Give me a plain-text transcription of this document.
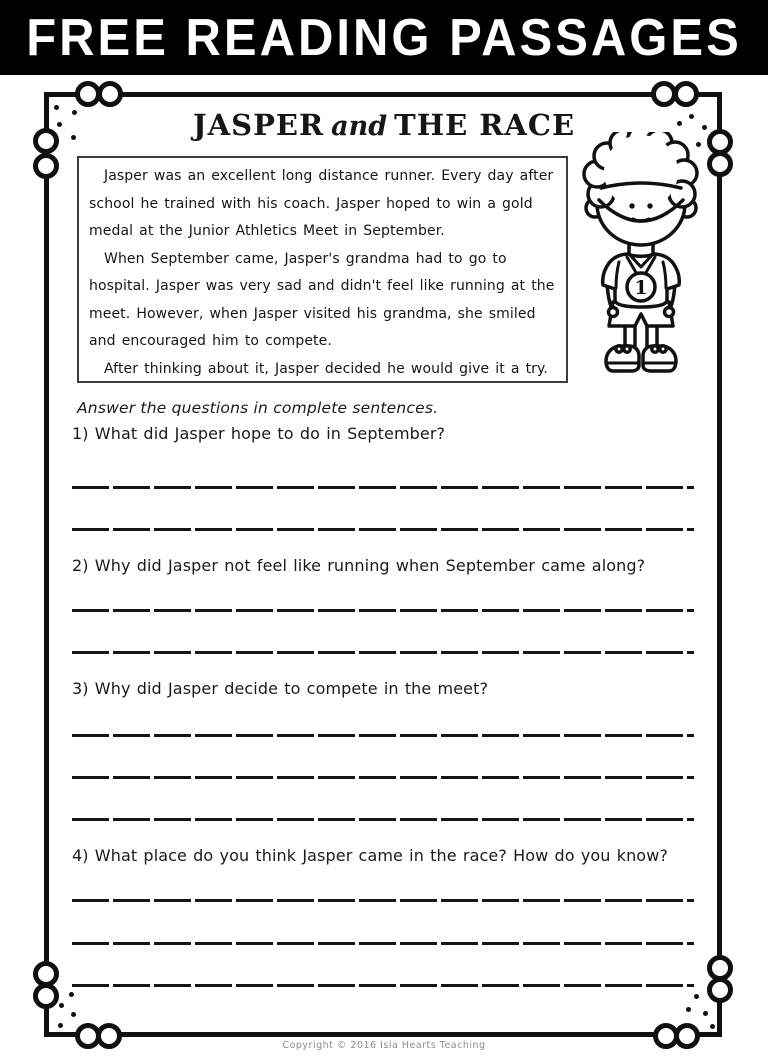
FREE READING PASSAGES
JASPER and THE RACE

Jasper was an excellent long distance runner. Every day after school he trained with his coach. Jasper hoped to win a gold medal at the Junior Athletics Meet in September.

When September came, Jasper's grandma had to go to hospital. Jasper was very sad and didn't feel like running at the meet. However, when Jasper visited his grandma, she smiled and encouraged him to compete.

After thinking about it, Jasper decided he would give it a try.

1

Answer the questions in complete sentences.

1) What did Jasper hope to do in September?

2) Why did Jasper not feel like running when September came along?

3) Why did Jasper decide to compete in the meet?

4) What place do you think Jasper came in the race? How do you know?

Copyright © 2016 Isla Hearts Teaching
